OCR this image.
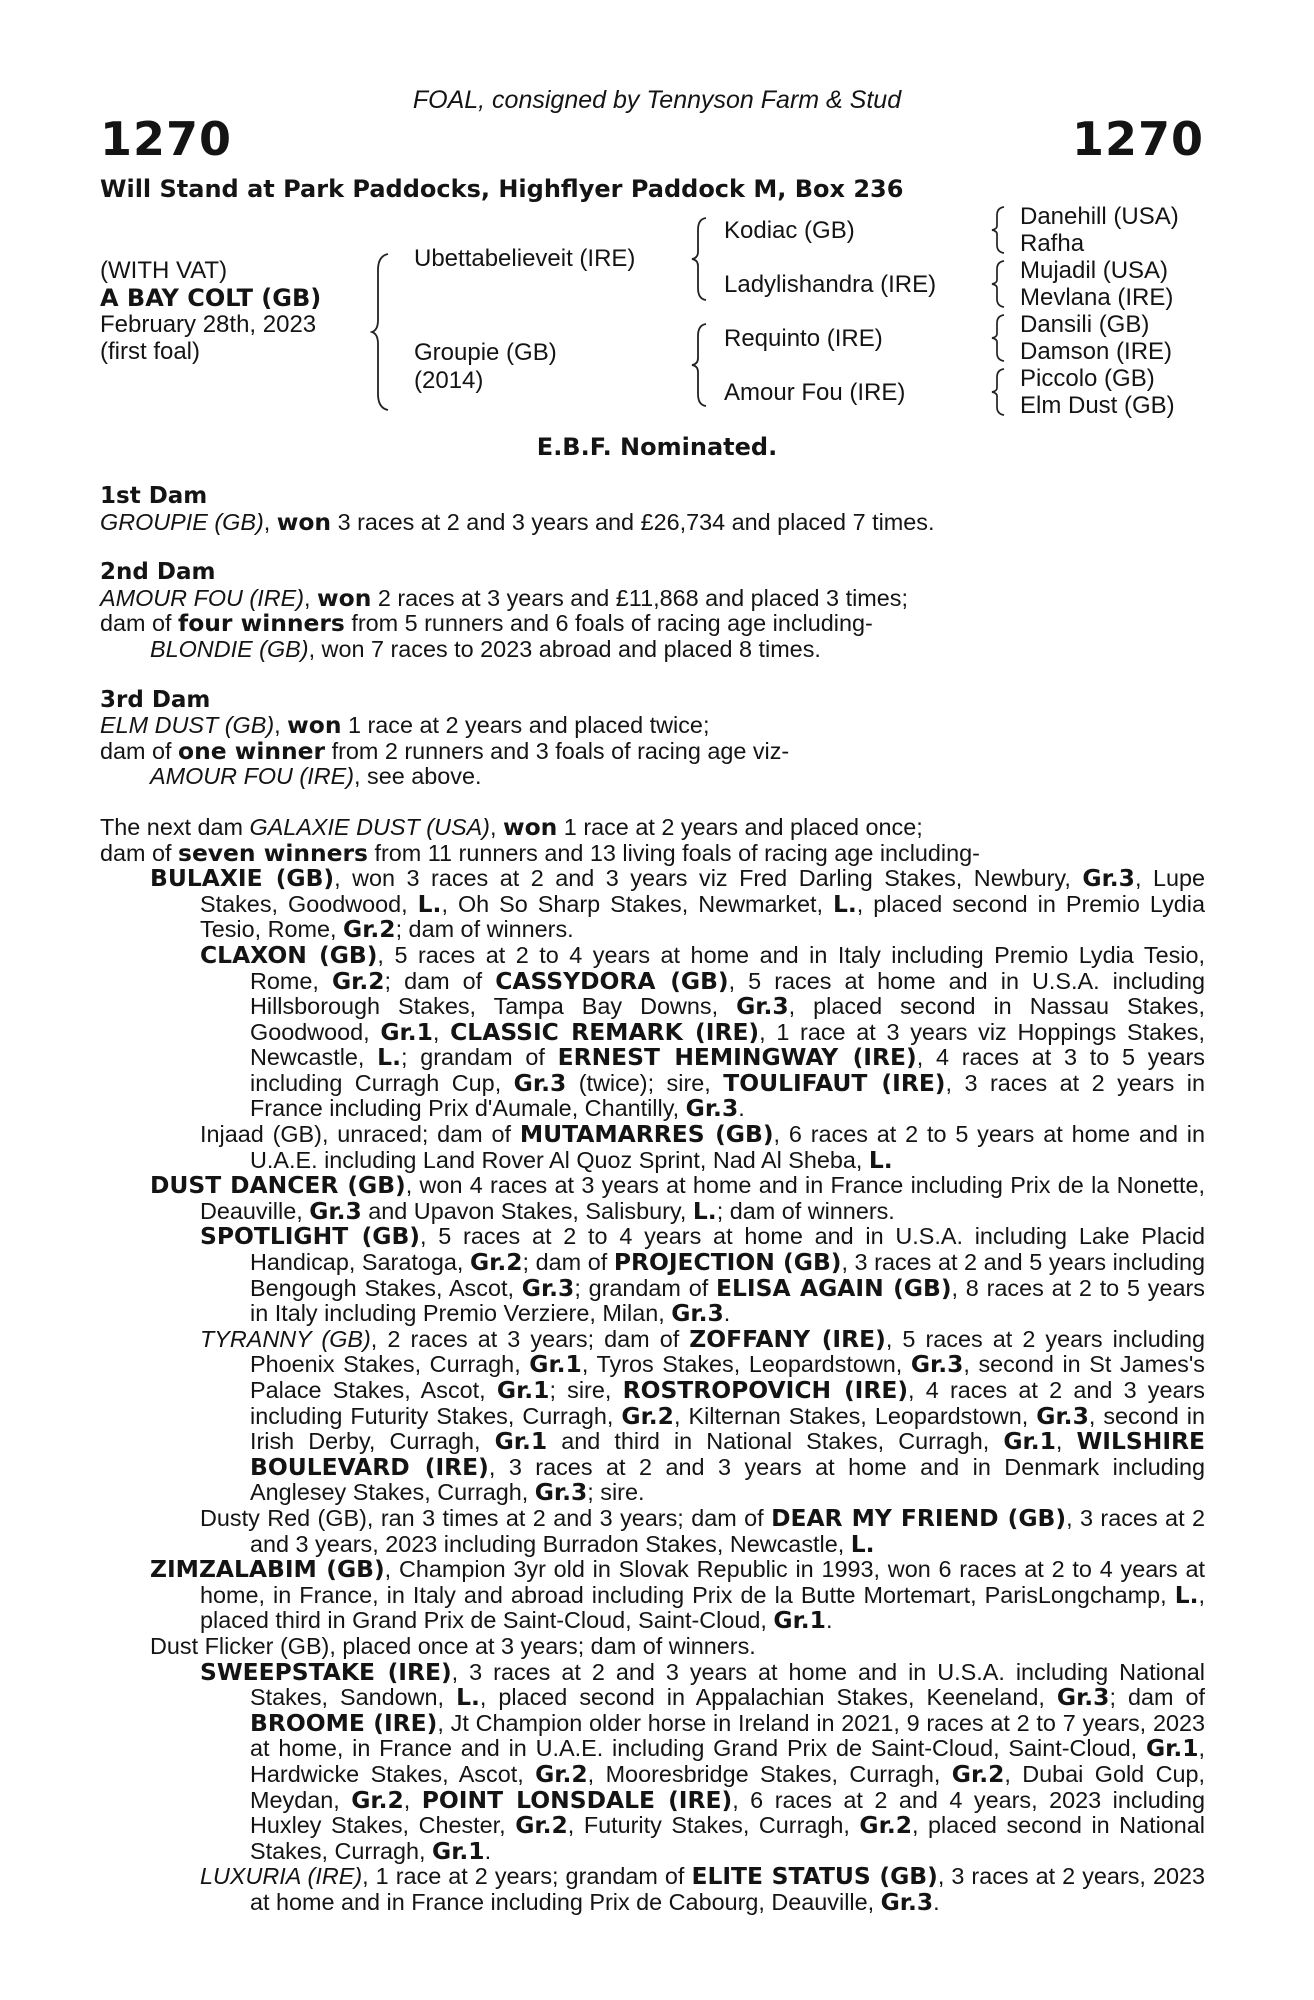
FOAL, consigned by Tennyson Farm & Stud
1270	1270
Will Stand at Park Paddocks, Highflyer Paddock M, Box 236
(WITH VAT)
A BAY COLT (GB)
February 28th, 2023
(first foal)
Ubettabelieveit (IRE)
Groupie (GB)
(2014)
Kodiac (GB)
Ladylishandra (IRE)
Requinto (IRE)
Amour Fou (IRE)
Danehill (USA)
Rafha
Mujadil (USA)
Mevlana (IRE)
Dansili (GB)
Damson (IRE)
Piccolo (GB)
Elm Dust (GB)
E.B.F. Nominated.

1st Dam

GROUPIE (GB), won 3 races at 2 and 3 years and £26,734 and placed 7 times.

2nd Dam

AMOUR FOU (IRE), won 2 races at 3 years and £11,868 and placed 3 times;

dam of four winners from 5 runners and 6 foals of racing age including-

BLONDIE (GB), won 7 races to 2023 abroad and placed 8 times.

3rd Dam

ELM DUST (GB), won 1 race at 2 years and placed twice;

dam of one winner from 2 runners and 3 foals of racing age viz-

AMOUR FOU (IRE), see above.

The next dam GALAXIE DUST (USA), won 1 race at 2 years and placed once;

dam of seven winners from 11 runners and 13 living foals of racing age including-

BULAXIE (GB), won 3 races at 2 and 3 years viz Fred Darling Stakes, Newbury, Gr.3, Lupe Stakes, Goodwood, L., Oh So Sharp Stakes, Newmarket, L., placed second in Premio Lydia Tesio, Rome, Gr.2; dam of winners.

CLAXON (GB), 5 races at 2 to 4 years at home and in Italy including Premio Lydia Tesio, Rome, Gr.2; dam of CASSYDORA (GB), 5 races at home and in U.S.A. including Hillsborough Stakes, Tampa Bay Downs, Gr.3, placed second in Nassau Stakes, Goodwood, Gr.1, CLASSIC REMARK (IRE), 1 race at 3 years viz Hoppings Stakes, Newcastle, L.; grandam of ERNEST HEMINGWAY (IRE), 4 races at 3 to 5 years including Curragh Cup, Gr.3 (twice); sire, TOULIFAUT (IRE), 3 races at 2 years in France including Prix d'Aumale, Chantilly, Gr.3.

Injaad (GB), unraced; dam of MUTAMARRES (GB), 6 races at 2 to 5 years at home and in U.A.E. including Land Rover Al Quoz Sprint, Nad Al Sheba, L.

DUST DANCER (GB), won 4 races at 3 years at home and in France including Prix de la Nonette, Deauville, Gr.3 and Upavon Stakes, Salisbury, L.; dam of winners.

SPOTLIGHT (GB), 5 races at 2 to 4 years at home and in U.S.A. including Lake Placid Handicap, Saratoga, Gr.2; dam of PROJECTION (GB), 3 races at 2 and 5 years including Bengough Stakes, Ascot, Gr.3; grandam of ELISA AGAIN (GB), 8 races at 2 to 5 years in Italy including Premio Verziere, Milan, Gr.3.

TYRANNY (GB), 2 races at 3 years; dam of ZOFFANY (IRE), 5 races at 2 years including Phoenix Stakes, Curragh, Gr.1, Tyros Stakes, Leopardstown, Gr.3, second in St James's Palace Stakes, Ascot, Gr.1; sire, ROSTROPOVICH (IRE), 4 races at 2 and 3 years including Futurity Stakes, Curragh, Gr.2, Kilternan Stakes, Leopardstown, Gr.3, second in Irish Derby, Curragh, Gr.1 and third in National Stakes, Curragh, Gr.1, WILSHIRE BOULEVARD (IRE), 3 races at 2 and 3 years at home and in Denmark including Anglesey Stakes, Curragh, Gr.3; sire.

Dusty Red (GB), ran 3 times at 2 and 3 years; dam of DEAR MY FRIEND (GB), 3 races at 2 and 3 years, 2023 including Burradon Stakes, Newcastle, L.

ZIMZALABIM (GB), Champion 3yr old in Slovak Republic in 1993, won 6 races at 2 to 4 years at home, in France, in Italy and abroad including Prix de la Butte Mortemart, ParisLongchamp, L., placed third in Grand Prix de Saint-Cloud, Saint-Cloud, Gr.1.

Dust Flicker (GB), placed once at 3 years; dam of winners.

SWEEPSTAKE (IRE), 3 races at 2 and 3 years at home and in U.S.A. including National Stakes, Sandown, L., placed second in Appalachian Stakes, Keeneland, Gr.3; dam of BROOME (IRE), Jt Champion older horse in Ireland in 2021, 9 races at 2 to 7 years, 2023 at home, in France and in U.A.E. including Grand Prix de Saint-Cloud, Saint-Cloud, Gr.1, Hardwicke Stakes, Ascot, Gr.2, Mooresbridge Stakes, Curragh, Gr.2, Dubai Gold Cup, Meydan, Gr.2, POINT LONSDALE (IRE), 6 races at 2 and 4 years, 2023 including Huxley Stakes, Chester, Gr.2, Futurity Stakes, Curragh, Gr.2, placed second in National Stakes, Curragh, Gr.1.

LUXURIA (IRE), 1 race at 2 years; grandam of ELITE STATUS (GB), 3 races at 2 years, 2023 at home and in France including Prix de Cabourg, Deauville, Gr.3.
